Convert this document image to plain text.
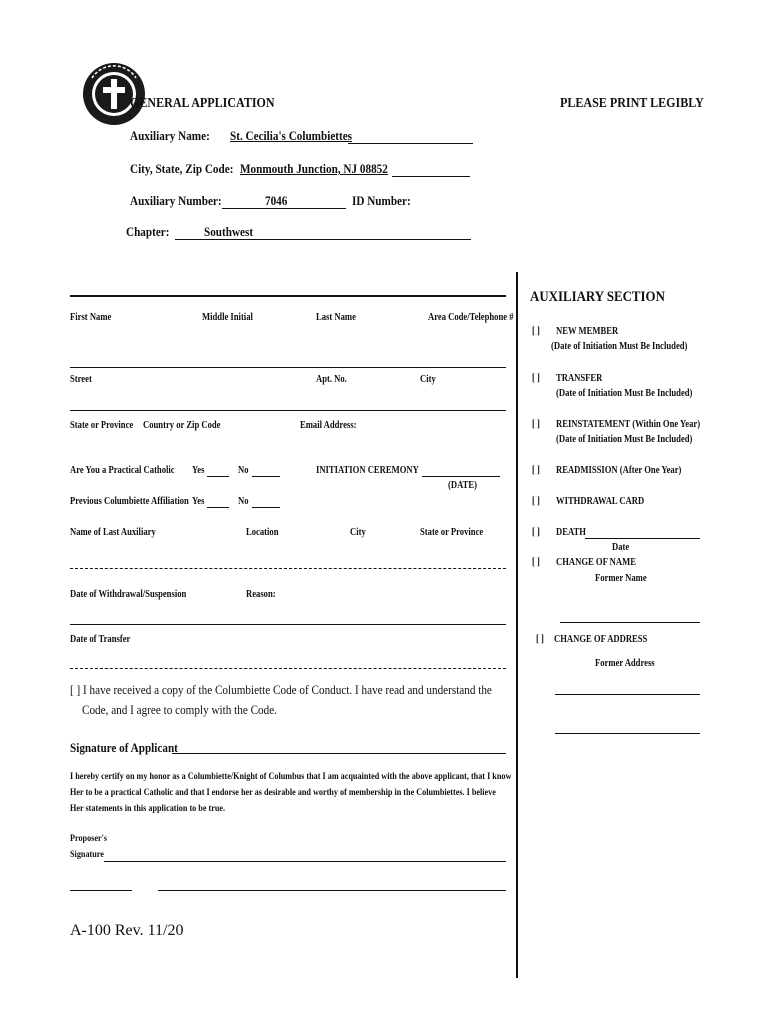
GENERAL APPLICATION	PLEASE PRINT LEGIBLY
Auxiliary Name: St. Cecilia's Columbiettes
City, State, Zip Code: Monmouth Junction, NJ 08852
Auxiliary Number:	7046	ID Number:
Chapter:	Southwest
First Name	Middle Initial	Last Name	Area Code/Telephone #
Street	Apt. No.	City
State or Province Country or Zip Code	Email Address:
Are You a Practical Catholic Yes	No	INITIATION CEREMONY
(DATE)
Previous Columbiette Affiliation Yes	No
Name of Last Auxiliary	Location	City	State or Province
Date of Withdrawal/Suspension	Reason:
Date of Transfer
[ ] I have received a copy of the Columbiette Code of Conduct. I have read and understand the
Code, and I agree to comply with the Code.
Signature of Applicant
I hereby certify on my honor as a Columbiette/Knight of Columbus that I am acquainted with the above applicant, that I know
Her to be a practical Catholic and that I endorse her as desirable and worthy of membership in the Columbiettes. I believe
Her statements in this application to be true.
Proposer's
Signature
A-100 Rev. 11/20
AUXILIARY SECTION
[ ] NEW MEMBER
(Date of Initiation Must Be Included)
[ ] TRANSFER
(Date of Initiation Must Be Included)
[ ] REINSTATEMENT (Within One Year)
(Date of Initiation Must Be Included)
[ ] READMISSION (After One Year)
[ ] WITHDRAWAL CARD
[ ] DEATH
Date
[ ] CHANGE OF NAME
Former Name
[ ] CHANGE OF ADDRESS
Former Address
